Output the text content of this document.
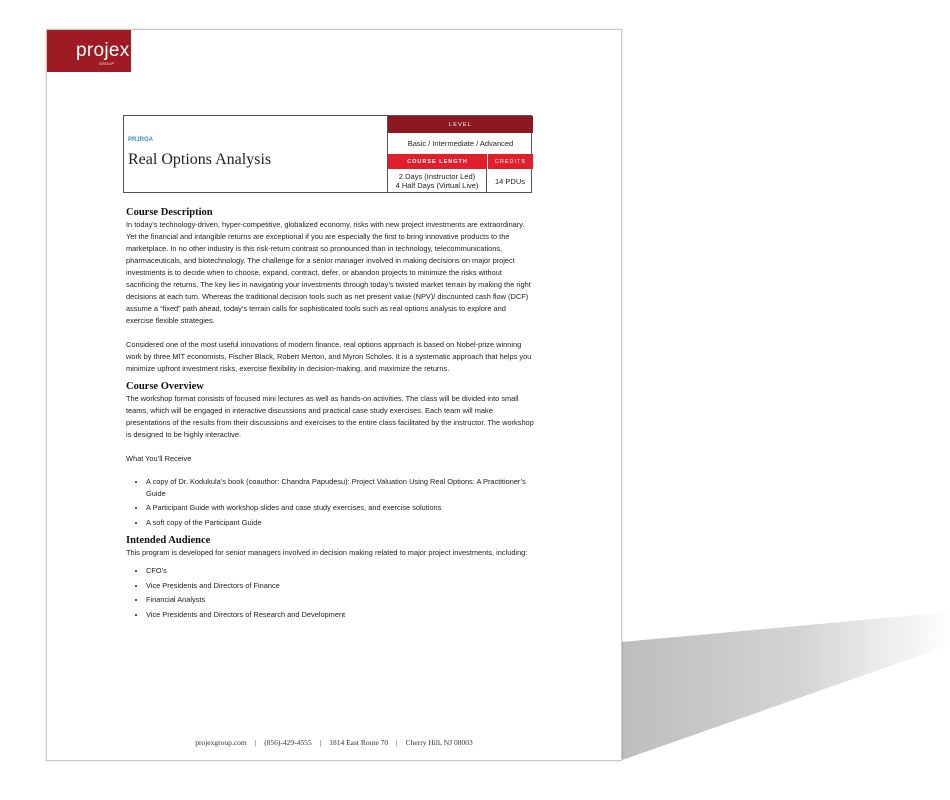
projex
GROUP
PRJROA
Real Options Analysis
LEVEL
Basic / Intermediate / Advanced
COURSE LENGTH	CREDITS
2 Days (Instructor Led)
4 Half Days (Virtual Live)	14 PDUs
Course Description

In today’s technology-driven, hyper-competitive, globalized economy, risks with new project investments are extraordinary. Yet the financial and intangible returns are exceptional if you are especially the first to bring innovative products to the marketplace. In no other industry is this risk-return contrast so pronounced than in technology, telecommunications, pharmaceuticals, and biotechnology. The challenge for a senior manager involved in making decisions on major project investments is to decide when to choose, expand, contract, defer, or abandon projects to minimize the risks without sacrificing the returns. The key lies in navigating your investments through today’s twisted market terrain by making the right decisions at each turn. Whereas the traditional decision tools such as net present value (NPV)/ discounted cash flow (DCF) assume a “fixed” path ahead, today’s terrain calls for sophisticated tools such as real options analysis to explore and exercise flexible strategies.

Considered one of the most useful innovations of modern finance, real options approach is based on Nobel-prize winning work by three MIT economists, Fischer Black, Robert Merton, and Myron Scholes. It is a systematic approach that helps you minimize upfront investment risks, exercise flexibility in decision-making, and maximize the returns.

Course Overview

The workshop format consists of focused mini lectures as well as hands-on activities. The class will be divided into small teams, which will be engaged in interactive discussions and practical case study exercises. Each team will make presentations of the results from their discussions and exercises to the entire class facilitated by the instructor. The workshop is designed to be highly interactive.

What You’ll Receive

• A copy of Dr. Kodukula’s book (coauthor: Chandra Papudesu): Project Valuation Using Real Options: A Practitioner’s Guide
• A Participant Guide with workshop slides and case study exercises, and exercise solutions
• A soft copy of the Participant Guide
Intended Audience

This program is developed for senior managers involved in decision making related to major project investments, including:

• CFO’s
• Vice Presidents and Directors of Finance
• Financial Analysts
• Vice Presidents and Directors of Research and Development
projexgroup.com | (856)-429-4555 | 1814 East Route 70 | Cherry Hill, NJ 08003
